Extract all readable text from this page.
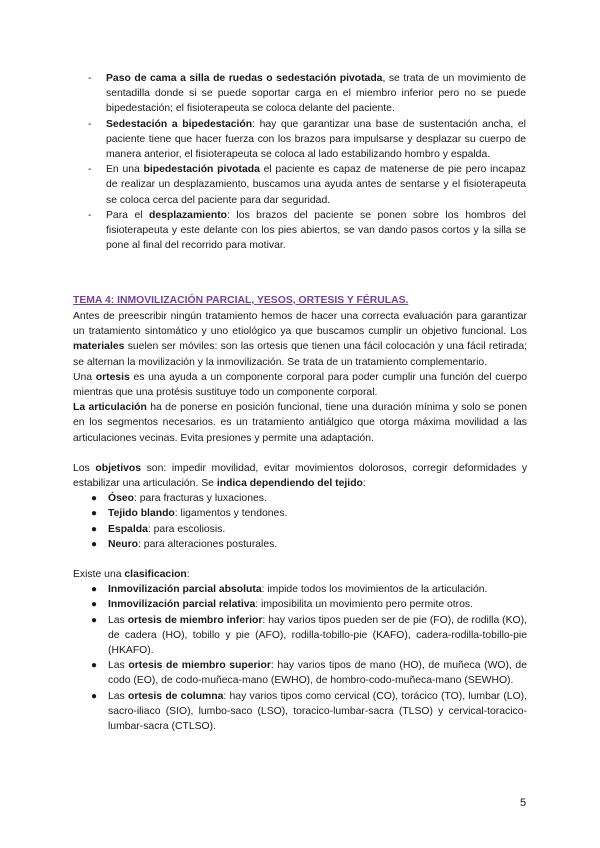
- Paso de cama a silla de ruedas o sedestación pivotada, se trata de un movimiento de sentadilla donde si se puede soportar carga en el miembro inferior pero no se puede bipedestación; el fisioterapeuta se coloca delante del paciente.
- Sedestación a bipedestación: hay que garantizar una base de sustentación ancha, el paciente tiene que hacer fuerza con los brazos para impulsarse y desplazar su cuerpo de manera anterior, el fisioterapeuta se coloca al lado estabilizando hombro y espalda.
- En una bipedestación pivotada el paciente es capaz de matenerse de pie pero incapaz de realizar un desplazamiento, buscamos una ayuda antes de sentarse y el fisioterapeuta se coloca cerca del paciente para dar seguridad.
- Para el desplazamiento: los brazos del paciente se ponen sobre los hombros del fisioterapeuta y este delante con los pies abiertos, se van dando pasos cortos y la silla se pone al final del recorrido para motivar.
TEMA 4: INMOVILIZACIÓN PARCIAL, YESOS, ORTESIS Y FÉRULAS.

Antes de preescribir ningún tratamiento hemos de hacer una correcta evaluación para garantizar un tratamiento sintomático y uno etiológico ya que buscamos cumplir un objetivo funcional. Los materiales suelen ser móviles: son las ortesis que tienen una fácil colocación y una fácil retirada; se alternan la movilización y la inmovilización. Se trata de un tratamiento complementario.

Una ortesis es una ayuda a un componente corporal para poder cumplir una función del cuerpo mientras que una protésis sustituye todo un componente corporal.

La articulación ha de ponerse en posición funcional, tiene una duración mínima y solo se ponen en los segmentos necesarios. es un tratamiento antiálgico que otorga máxima movilidad a las articulaciones vecinas. Evita presiones y permite una adaptación.

Los objetivos son: impedir movilidad, evitar movimientos dolorosos, corregir deformidades y estabilizar una articulación. Se indica dependiendo del tejido:

● Óseo: para fracturas y luxaciones.
● Tejido blando: ligamentos y tendones.
● Espalda: para escoliosis.
● Neuro: para alteraciones posturales.

Existe una clasificacion:

● Inmovilización parcial absoluta: impide todos los movimientos de la articulación.
● Inmovilización parcial relativa: imposibilita un movimiento pero permite otros.
● Las ortesis de miembro inferior: hay varios tipos pueden ser de pie (FO), de rodilla (KO), de cadera (HO), tobillo y pie (AFO), rodilla-tobillo-pie (KAFO), cadera-rodilla-tobillo-pie (HKAFO).
● Las ortesis de miembro superior: hay varios tipos de mano (HO), de muñeca (WO), de codo (EO), de codo-muñeca-mano (EWHO), de hombro-codo-muñeca-mano (SEWHO).
● Las ortesis de columna: hay varios tipos como cervical (CO), torácico (TO), lumbar (LO), sacro-iliaco (SIO), lumbo-saco (LSO), toracico-lumbar-sacra (TLSO) y cervical-toracico-lumbar-sacra (CTLSO).
5
